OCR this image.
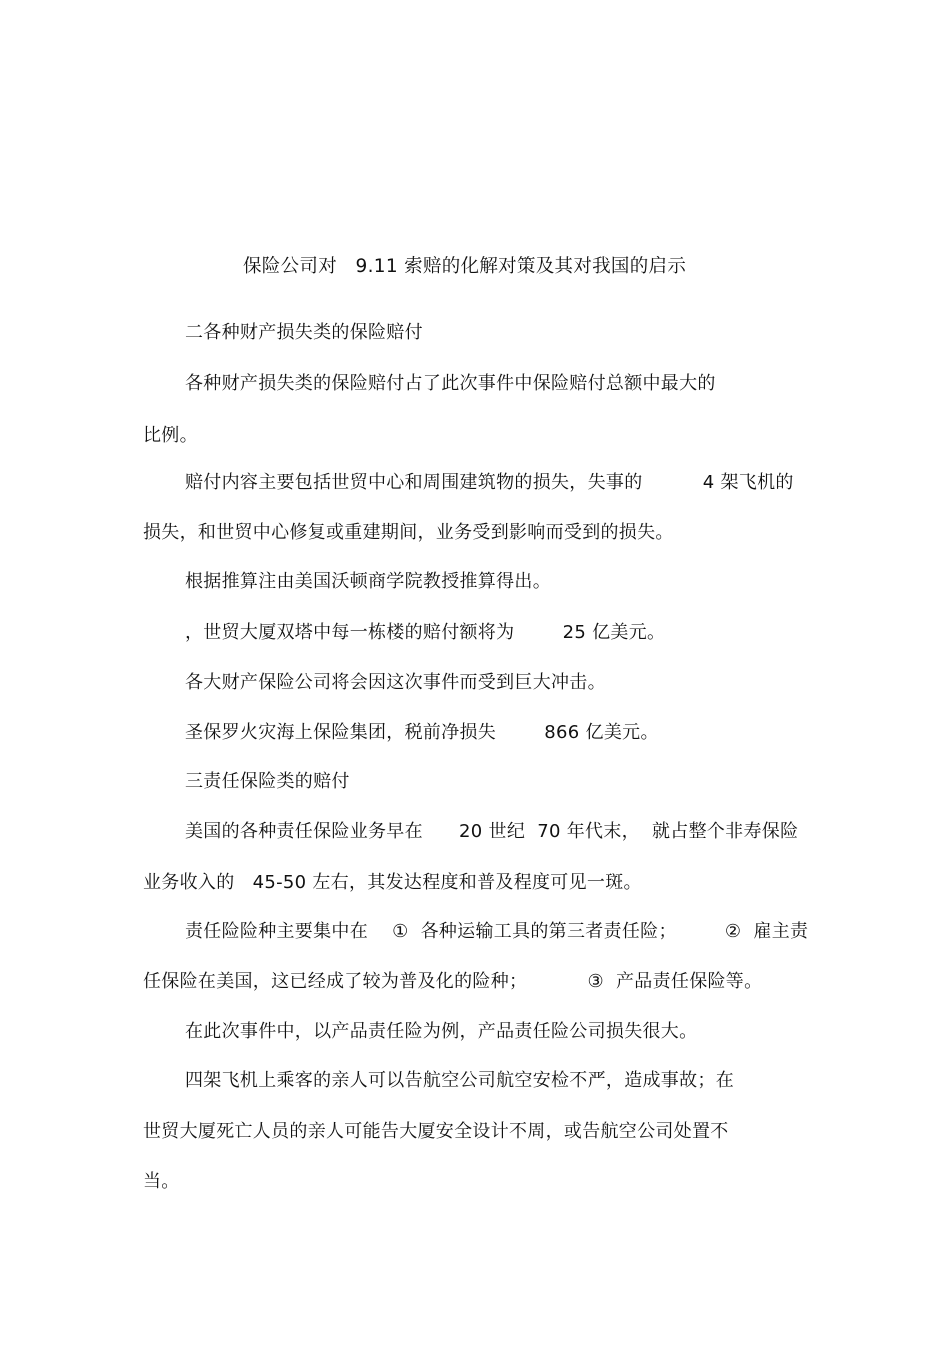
保险公司对   9.11 索赔的化解对策及其对我国的启示
二各种财产损失类的保险赔付
各种财产损失类的保险赔付占了此次事件中保险赔付总额中最大的
比例。
赔付内容主要包括世贸中心和周围建筑物的损失，失事的          4 架飞机的
损失，和世贸中心修复或重建期间，业务受到影响而受到的损失。
根据推算注由美国沃顿商学院教授推算得出。
，世贸大厦双塔中每一栋楼的赔付额将为        25 亿美元。
各大财产保险公司将会因这次事件而受到巨大冲击。
圣保罗火灾海上保险集团，税前净损失        866 亿美元。
三责任保险类的赔付
美国的各种责任保险业务早在      20 世纪  70 年代末，  就占整个非寿保险
业务收入的   45-50 左右，其发达程度和普及程度可见一斑。
责任险险种主要集中在    ①  各种运输工具的第三者责任险；        ②  雇主责
任保险在美国，这已经成了较为普及化的险种；          ③  产品责任保险等。
在此次事件中，以产品责任险为例，产品责任险公司损失很大。
四架飞机上乘客的亲人可以告航空公司航空安检不严，造成事故；在
世贸大厦死亡人员的亲人可能告大厦安全设计不周，或告航空公司处置不
当。
